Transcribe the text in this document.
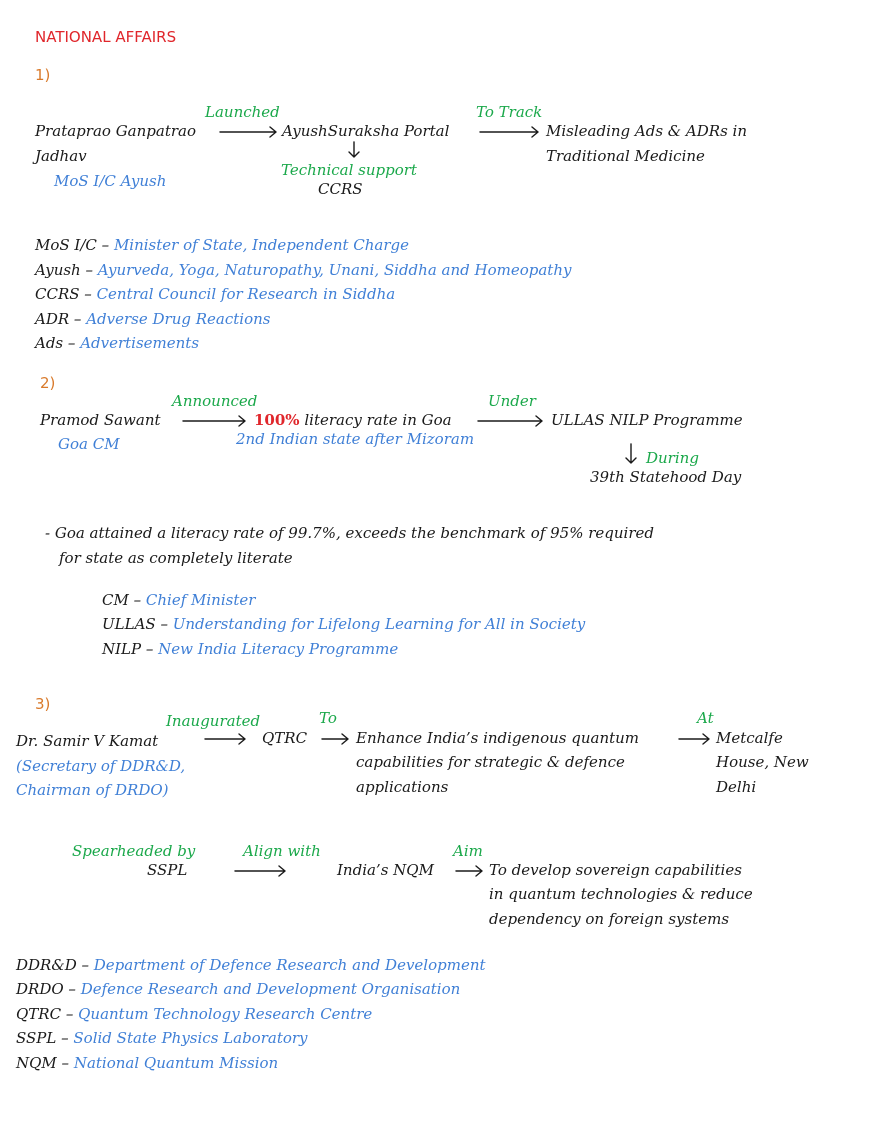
NATIONAL AFFAIRS
1)
Launched	To Track
Prataprao Ganpatrao
Jadhav
MoS I/C Ayush
AyushSuraksha Portal	Misleading Ads & ADRs in
Traditional Medicine
Technical support
CCRS
MoS I/C – Minister of State, Independent Charge
Ayush – Ayurveda, Yoga, Naturopathy, Unani, Siddha and Homeopathy
CCRS – Central Council for Research in Siddha
ADR – Adverse Drug Reactions
Ads – Advertisements
2)
Announced	Under
Pramod Sawant
Goa CM
100% literacy rate in Goa
2nd Indian state after Mizoram
ULLAS NILP Programme
During
39th Statehood Day
- Goa attained a literacy rate of 99.7%, exceeds the benchmark of 95% required
for state as completely literate
CM – Chief Minister
ULLAS – Understanding for Lifelong Learning for All in Society
NILP – New India Literacy Programme
3)
Inaugurated	To	At
Dr. Samir V Kamat
(Secretary of DDR&D,
Chairman of DRDO)
QTRC	Enhance India’s indigenous quantum
capabilities for strategic & defence
applications
Metcalfe
House, New
Delhi
Spearheaded by	Align with	Aim
SSPL	India’s NQM	To develop sovereign capabilities
in quantum technologies & reduce
dependency on foreign systems
DDR&D – Department of Defence Research and Development
DRDO – Defence Research and Development Organisation
QTRC – Quantum Technology Research Centre
SSPL – Solid State Physics Laboratory
NQM – National Quantum Mission
